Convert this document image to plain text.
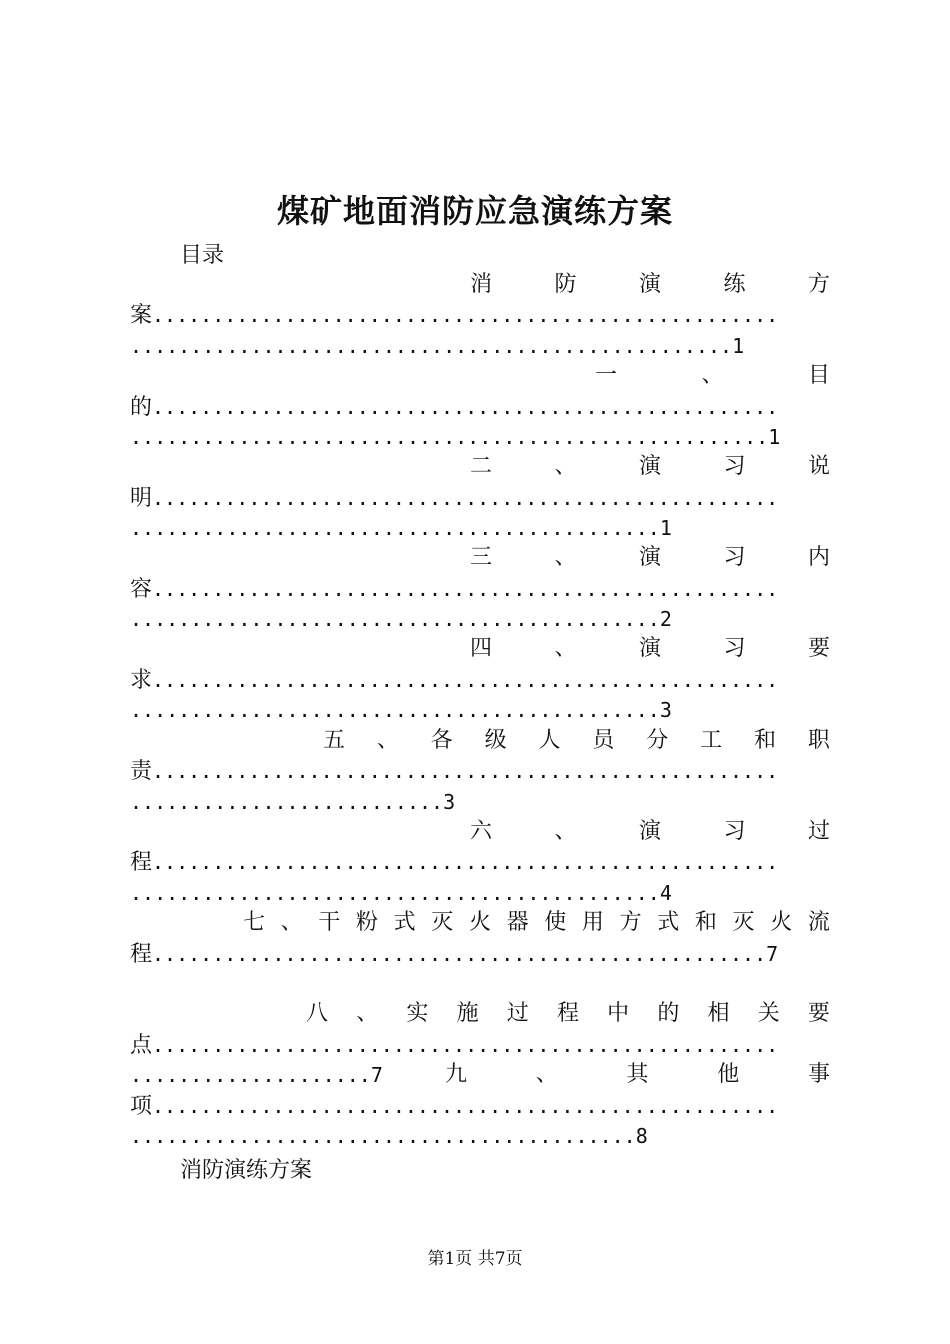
煤矿地面消防应急演练方案
目录
消	防	演	练	方
案....................................................
..................................................1
一	、	目
的....................................................
.....................................................1
二	、	演	习	说
明....................................................
............................................1
三	、	演	习	内
容....................................................
............................................2
四	、	演	习	要
求....................................................
............................................3
五 、 各 级 人 员 分 工 和 职
责....................................................
..........................3
六	、	演	习	过
程....................................................
............................................4
七 、 干 粉 式 灭 火 器 使 用 方 式 和 灭 火 流
程...................................................7
八 、 实 施 过 程 中 的 相 关 要
点....................................................
....................7	九	、	其	他	事
项....................................................
..........................................8
消防演练方案
第1页 共7页
